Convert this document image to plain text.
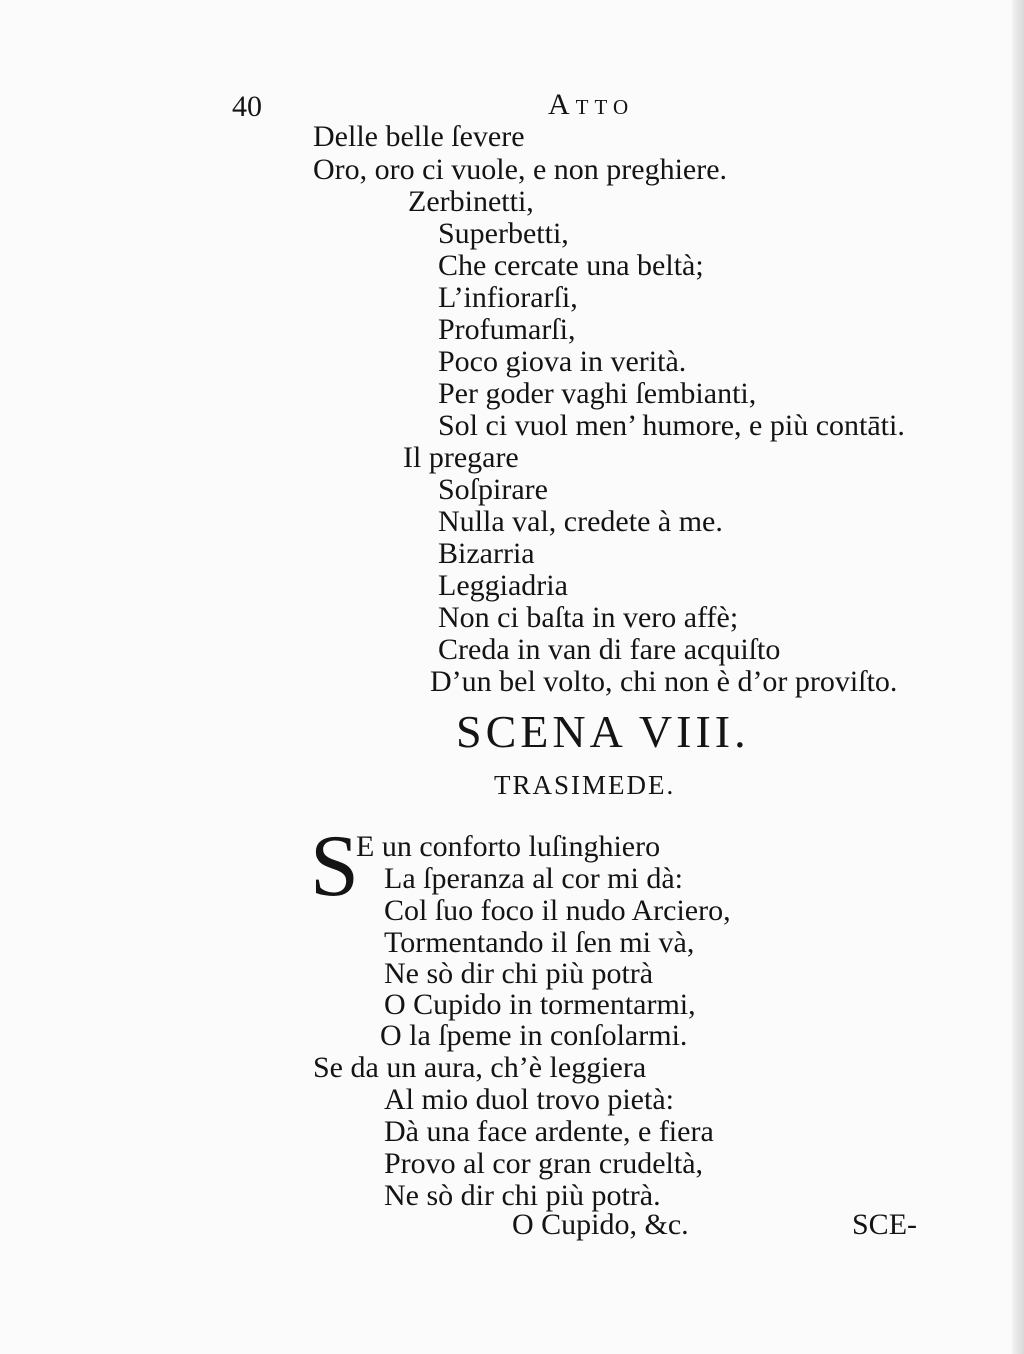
40	Atto
Delle belle ſevere
Oro, oro ci vuole, e non preghiere.
Zerbinetti,
Superbetti,
Che cercate una beltà;
L’infiorarſi,
Profumarſi,
Poco giova in verità.
Per goder vaghi ſembianti,
Sol ci vuol men’ humore, e più contāti.
Il pregare
Soſpirare
Nulla val, credete à me.
Bizarria
Leggiadria
Non ci baſta in vero affè;
Creda in van di fare acquiſto
D’un bel volto, chi non è d’or proviſto.
SCENA VIII.
TRASIMEDE.
S
E un conforto luſinghiero
La ſperanza al cor mi dà:
Col ſuo foco il nudo Arciero,
Tormentando il ſen mi và,
Ne sò dir chi più potrà
O Cupido in tormentarmi,
O la ſpeme in conſolarmi.
Se da un aura, ch’è leggiera
Al mio duol trovo pietà:
Dà una face ardente, e fiera
Provo al cor gran crudeltà,
Ne sò dir chi più potrà.
O Cupido, &c.	SCE-
